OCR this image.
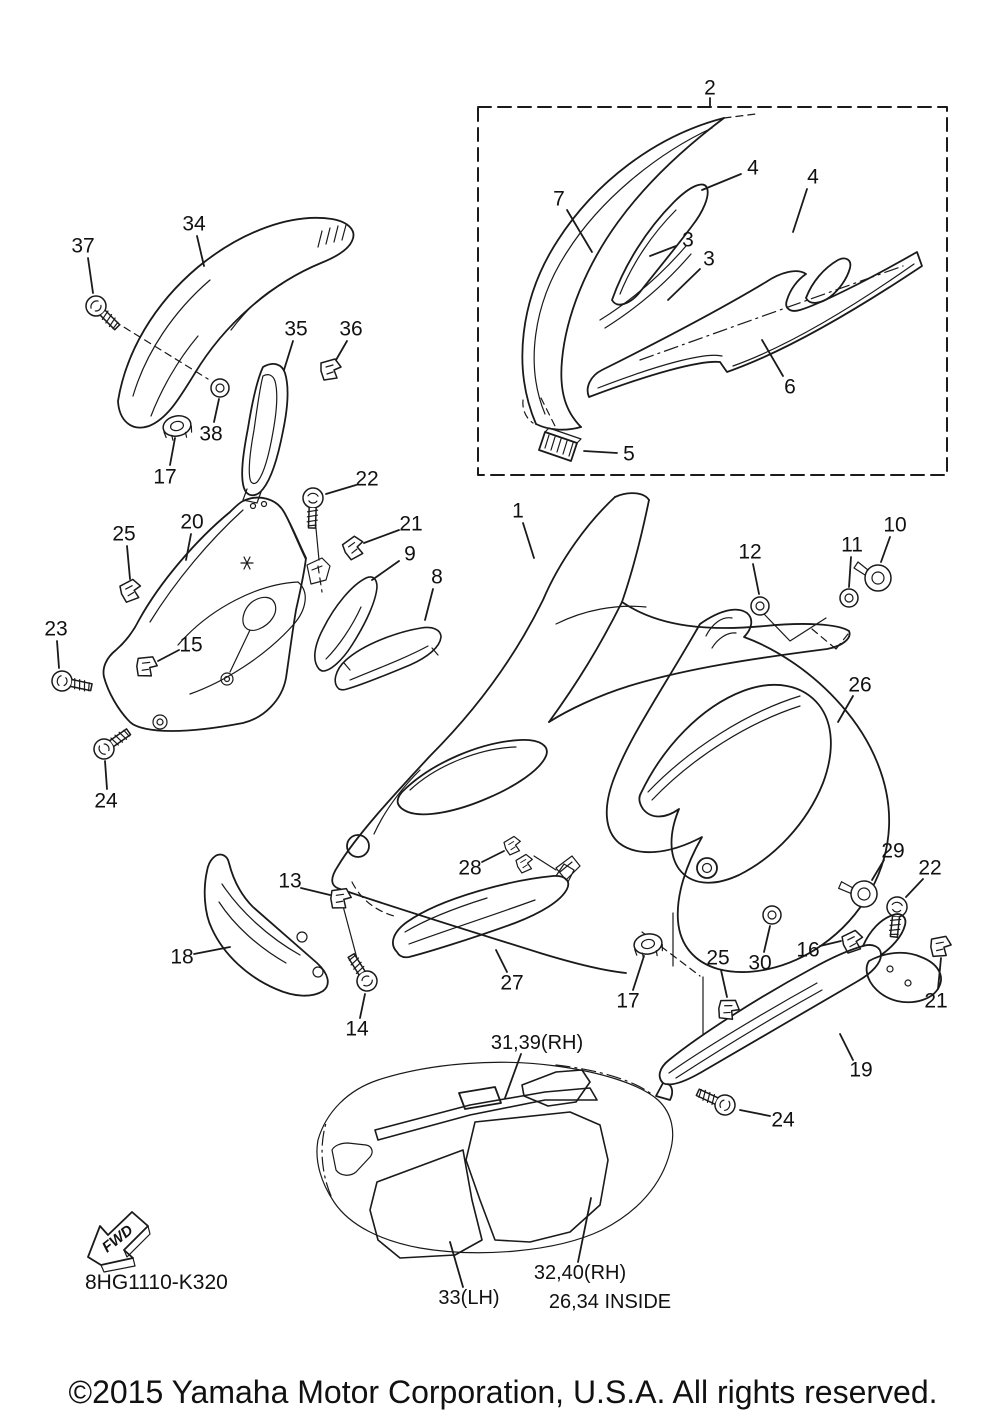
FWD
2
7
4 4
3
3
6
5
37
34
35 36
38
17	22
25
20	21
9
8
23
15
24
1
12	11
10
26
29
22
16
30
25
17	21
19
24
28
13
18
27
14
31,39(RH)
32,40(RH)
33(LH) 26,34 INSIDE
8HG1110-K320
©2015 Yamaha Motor Corporation, U.S.A. All rights reserved.
